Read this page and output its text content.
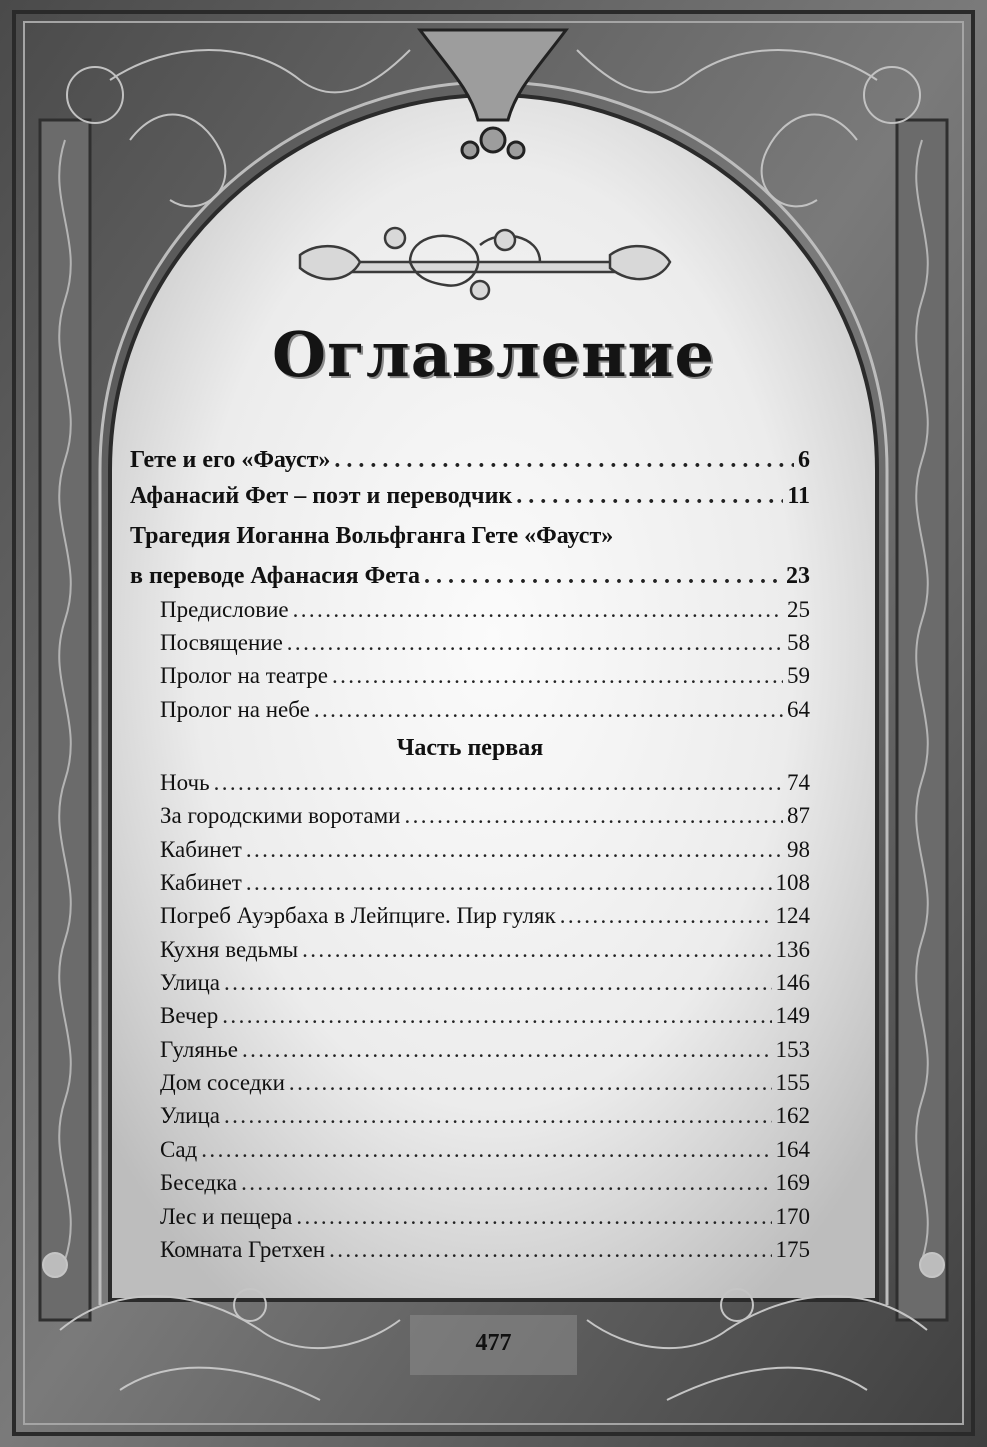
Оглавление
Гете и его «Фауст» . . .	6
Афанасий Фет – поэт и переводчик . . .	11
Трагедия Иоганна Вольфганга Гете «Фауст»
в переводе Афанасия Фета . . .	23
Предисловие .....	25
Посвящение .....	58
Пролог на театре .....	59
Пролог на небе .....	64
Часть первая
Ночь .....	74
За городскими воротами .....	87
Кабинет .....	98
Кабинет .....	108
Погреб Ауэрбаха в Лейпциге. Пир гуляк .....	124
Кухня ведьмы .....	136
Улица .....	146
Вечер .....	149
Гулянье .....	153
Дом соседки .....	155
Улица .....	162
Сад .....	164
Беседка .....	169
Лес и пещера .....	170
Комната Гретхен .....	175
477
